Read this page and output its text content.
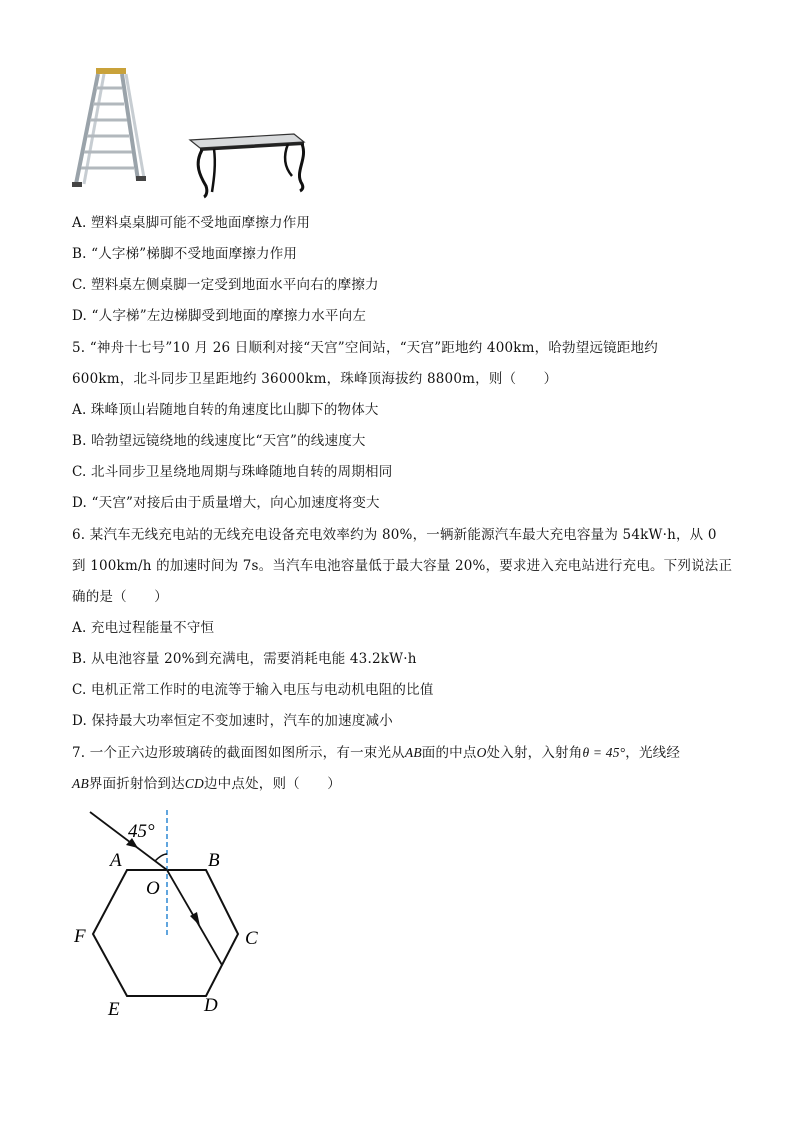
A. 塑料桌桌脚可能不受地面摩擦力作用
B. “人字梯”梯脚不受地面摩擦力作用
C. 塑料桌左侧桌脚一定受到地面水平向右的摩擦力
D. “人字梯”左边梯脚受到地面的摩擦力水平向左
5. “神舟十七号”10 月 26 日顺利对接“天宫”空间站，“天宫”距地约 400km，哈勃望远镜距地约
600km，北斗同步卫星距地约 36000km，珠峰顶海拔约 8800m，则（　　）
A. 珠峰顶山岩随地自转的角速度比山脚下的物体大
B. 哈勃望远镜绕地的线速度比“天宫”的线速度大
C. 北斗同步卫星绕地周期与珠峰随地自转的周期相同
D. “天宫”对接后由于质量增大，向心加速度将变大
6. 某汽车无线充电站的无线充电设备充电效率约为 80%，一辆新能源汽车最大充电容量为 54kW·h，从 0
到 100km/h 的加速时间为 7s。当汽车电池容量低于最大容量 20%，要求进入充电站进行充电。下列说法正
确的是（　　）
A. 充电过程能量不守恒
B. 从电池容量 20%到充满电，需要消耗电能 43.2kW·h
C. 电机正常工作时的电流等于输入电压与电动机电阻的比值
D. 保持最大功率恒定不变加速时，汽车的加速度减小
7. 一个正六边形玻璃砖的截面图如图所示，有一束光从AB面的中点O处入射，入射角θ = 45°，光线经
AB界面折射恰到达CD边中点处，则（　　）
45°
A	B
C
D
E
F
O
